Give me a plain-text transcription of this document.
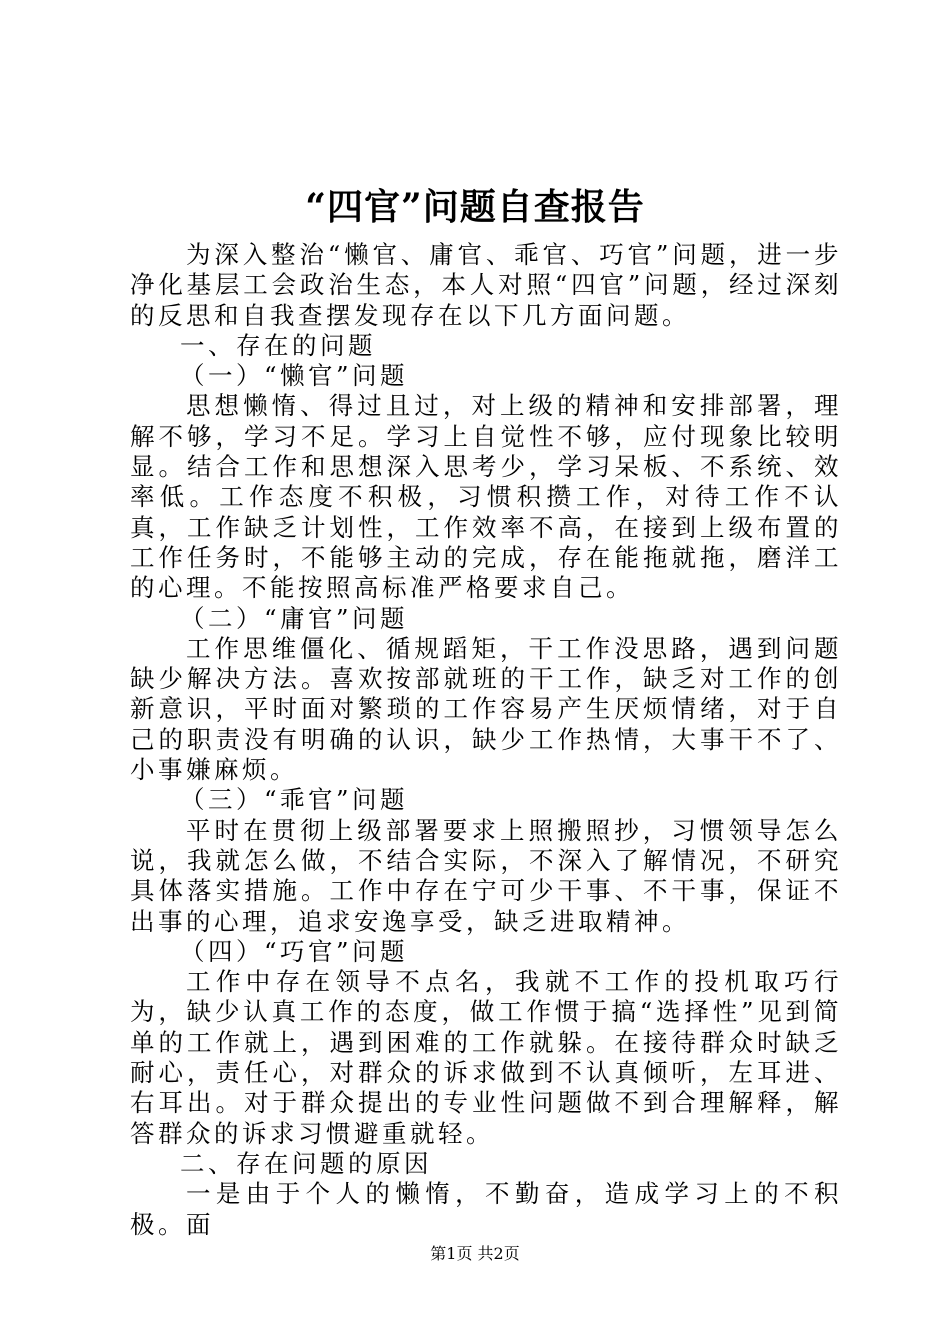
“四官”问题自查报告

为深入整治“懒官、庸官、乖官、巧官”问题，进一步净化基层工会政治生态，本人对照“四官”问题，经过深刻的反思和自我查摆发现存在以下几方面问题。

一、存在的问题

（一）“懒官”问题

思想懒惰、得过且过，对上级的精神和安排部署，理解不够，学习不足。学习上自觉性不够，应付现象比较明显。结合工作和思想深入思考少，学习呆板、不系统、效率低。工作态度不积极，习惯积攒工作，对待工作不认真，工作缺乏计划性，工作效率不高，在接到上级布置的工作任务时，不能够主动的完成，存在能拖就拖，磨洋工的心理。不能按照高标准严格要求自己。

（二）“庸官”问题

工作思维僵化、循规蹈矩，干工作没思路，遇到问题缺少解决方法。喜欢按部就班的干工作，缺乏对工作的创新意识，平时面对繁琐的工作容易产生厌烦情绪，对于自己的职责没有明确的认识，缺少工作热情，大事干不了、小事嫌麻烦。

（三）“乖官”问题

平时在贯彻上级部署要求上照搬照抄，习惯领导怎么说，我就怎么做，不结合实际，不深入了解情况，不研究具体落实措施。工作中存在宁可少干事、不干事，保证不出事的心理，追求安逸享受，缺乏进取精神。

（四）“巧官”问题

工作中存在领导不点名，我就不工作的投机取巧行为，缺少认真工作的态度，做工作惯于搞“选择性”见到简单的工作就上，遇到困难的工作就躲。在接待群众时缺乏耐心，责任心，对群众的诉求做到不认真倾听，左耳进、右耳出。对于群众提出的专业性问题做不到合理解释，解答群众的诉求习惯避重就轻。

二、存在问题的原因

一是由于个人的懒惰，不勤奋，造成学习上的不积极。面

第1页 共2页
